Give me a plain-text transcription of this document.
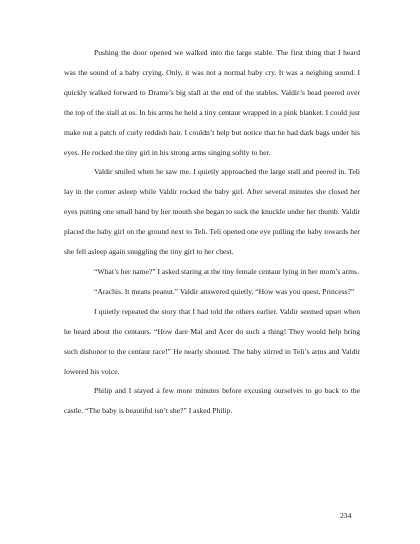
Pushing the door opened we walked into the large stable. The first thing that I heard was the sound of a baby crying. Only, it was not a normal baby cry. It was a neighing sound. I quickly walked forward to Drame’s big stall at the end of the stables. Valdir’s head peered over the top of the stall at us. In his arms he held a tiny centaur wrapped in a pink blanket. I could just make out a patch of curly reddish hair. I couldn’t help but notice that he had dark bags under his eyes. He rocked the tiny girl in his strong arms singing softly to her.

Valdir smiled when he saw me. I quietly approached the large stall and peered in. Teli lay in the corner asleep while Valdir rocked the baby girl. After several minutes she closed her eyes putting one small hand by her mouth she began to suck the knuckle under her thumb. Valdir placed the baby girl on the ground next to Teli. Teli opened one eye pulling the baby towards her she fell asleep again snuggling the tiny girl to her chest.

“What’s her name?” I asked staring at the tiny female centaur lying in her mom’s arms.

“Arachis. It means peanut.” Valdir answered quietly. “How was you quest, Princess?”

I quietly repeated the story that I had told the others earlier. Valdir seemed upset when he heard about the centaurs. “How dare Mal and Acer do such a thing! They would help bring such dishonor to the centaur race!” He nearly shouted. The baby stirred in Teli’s arms and Valdir lowered his voice.

Philip and I stayed a few more minutes before excusing ourselves to go back to the castle. “The baby is beautiful isn’t she?” I asked Philip.

234
